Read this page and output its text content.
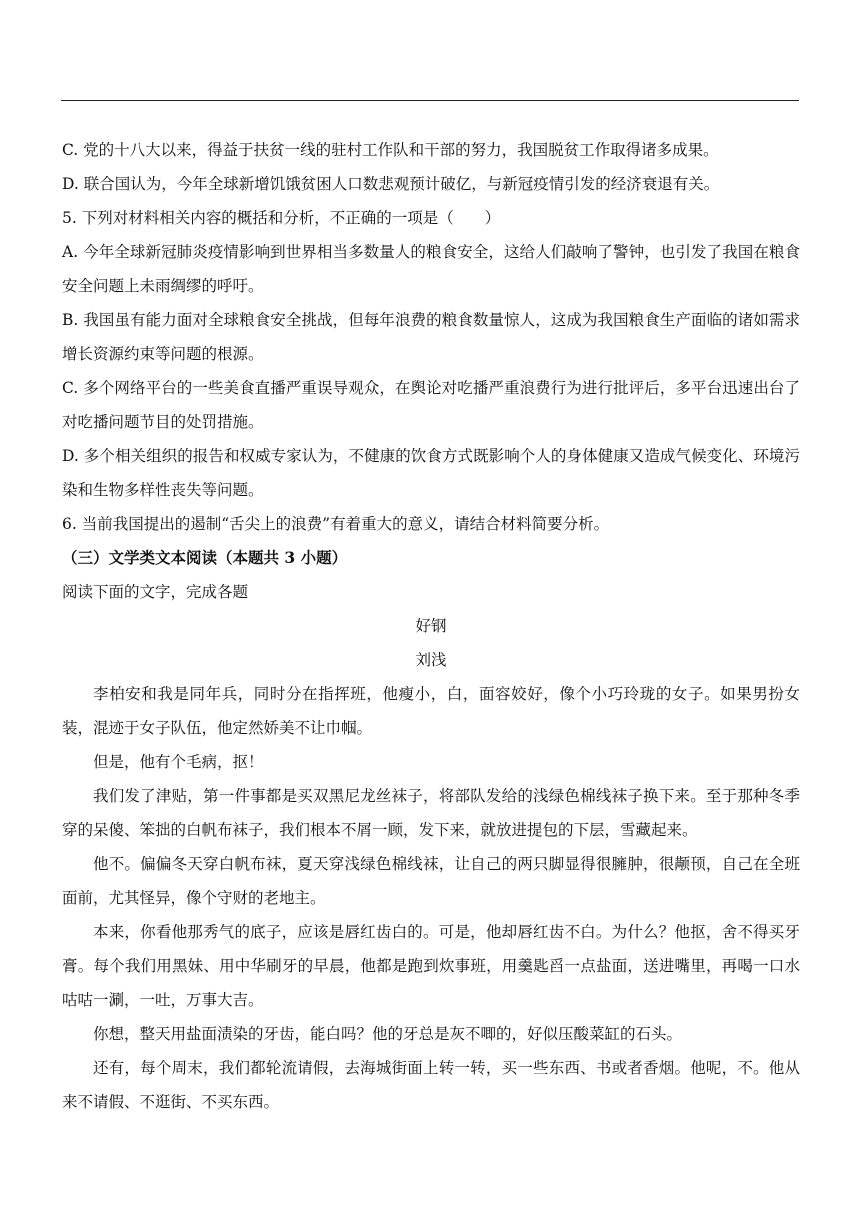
C. 党的十八大以来，得益于扶贫一线的驻村工作队和干部的努力，我国脱贫工作取得诸多成果。

D. 联合国认为，今年全球新增饥饿贫困人口数悲观预计破亿，与新冠疫情引发的经济衰退有关。

5. 下列对材料相关内容的概括和分析，不正确的一项是（　　）

A. 今年全球新冠肺炎疫情影响到世界相当多数量人的粮食安全，这给人们敲响了警钟，也引发了我国在粮食安全问题上未雨绸缪的呼吁。

B. 我国虽有能力面对全球粮食安全挑战，但每年浪费的粮食数量惊人，这成为我国粮食生产面临的诸如需求增长资源约束等问题的根源。

C. 多个网络平台的一些美食直播严重误导观众，在舆论对吃播严重浪费行为进行批评后，多平台迅速出台了对吃播问题节目的处罚措施。

D. 多个相关组织的报告和权威专家认为，不健康的饮食方式既影响个人的身体健康又造成气候变化、环境污染和生物多样性丧失等问题。

6. 当前我国提出的遏制“舌尖上的浪费”有着重大的意义，请结合材料简要分析。

（三）文学类文本阅读（本题共 3 小题）

阅读下面的文字，完成各题

好钢

刘浅

李柏安和我是同年兵，同时分在指挥班，他瘦小，白，面容姣好，像个小巧玲珑的女子。如果男扮女装，混迹于女子队伍，他定然娇美不让巾帼。

但是，他有个毛病，抠！

我们发了津贴，第一件事都是买双黑尼龙丝袜子，将部队发给的浅绿色棉线袜子换下来。至于那种冬季穿的呆傻、笨拙的白帆布袜子，我们根本不屑一顾，发下来，就放进提包的下层，雪藏起来。

他不。偏偏冬天穿白帆布袜，夏天穿浅绿色棉线袜，让自己的两只脚显得很臃肿，很颟顸，自己在全班面前，尤其怪异，像个守财的老地主。

本来，你看他那秀气的底子，应该是唇红齿白的。可是，他却唇红齿不白。为什么？他抠，舍不得买牙膏。每个我们用黑妹、用中华刷牙的早晨，他都是跑到炊事班，用羹匙舀一点盐面，送进嘴里，再喝一口水咕咕一涮，一吐，万事大吉。

你想，整天用盐面渍染的牙齿，能白吗？他的牙总是灰不唧的，好似压酸菜缸的石头。

还有，每个周末，我们都轮流请假，去海城街面上转一转，买一些东西、书或者香烟。他呢，不。他从来不请假、不逛街、不买东西。
